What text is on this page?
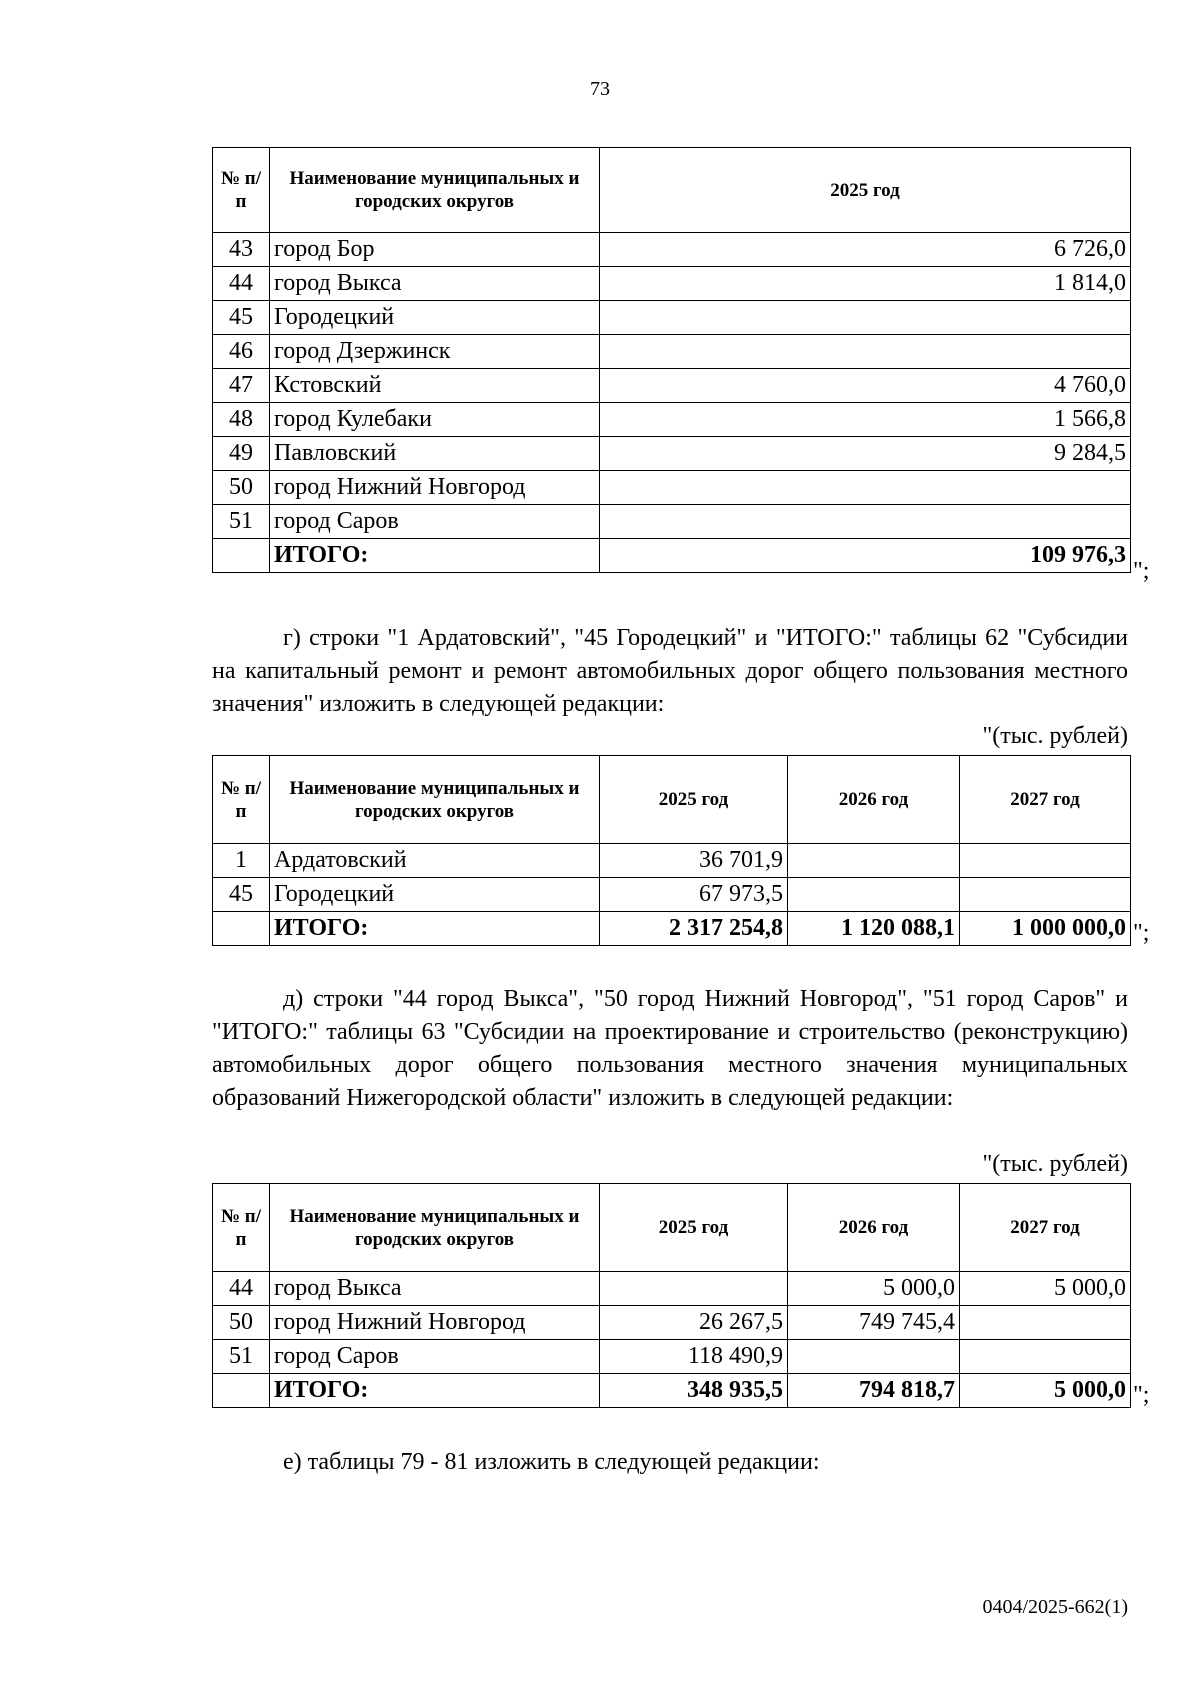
73
№ п/п	Наименование муниципальных и городских округов	2025 год
43	город Бор	6 726,0
44	город Выкса	1 814,0
45	Городецкий	
46	город Дзержинск	
47	Кстовский	4 760,0
48	город Кулебаки	1 566,8
49	Павловский	9 284,5
50	город Нижний Новгород	
51	город Саров	
	ИТОГО:	109 976,3
";
г) строки "1 Ардатовский", "45 Городецкий" и "ИТОГО:" таблицы 62 "Субсидии на капитальный ремонт и ремонт автомобильных дорог общего пользования местного значения" изложить в следующей редакции:
"(тыс. рублей)
№ п/п	Наименование муниципальных и городских округов	2025 год	2026 год	2027 год
1	Ардатовский	36 701,9		
45	Городецкий	67 973,5		
	ИТОГО:	2 317 254,8	1 120 088,1	1 000 000,0 ";
д) строки "44 город Выкса", "50 город Нижний Новгород", "51 город Саров" и "ИТОГО:" таблицы 63 "Субсидии на проектирование и строительство (реконструкцию) автомобильных дорог общего пользования местного значения муниципальных образований Нижегородской области" изложить в следующей редакции:
"(тыс. рублей)
№ п/п	Наименование муниципальных и городских округов	2025 год	2026 год	2027 год
44	город Выкса		5 000,0	5 000,0
50	город Нижний Новгород	26 267,5	749 745,4	
51	город Саров	118 490,9		
	ИТОГО:	348 935,5	794 818,7	5 000,0 ";
е) таблицы 79 - 81 изложить в следующей редакции:
0404/2025-662(1)
